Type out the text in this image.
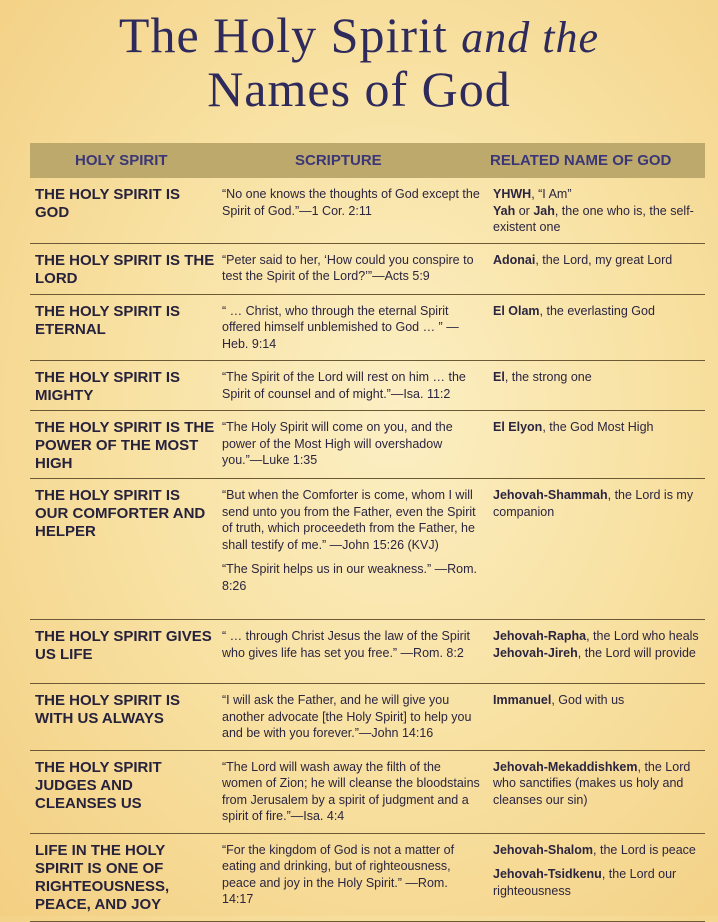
The Holy Spirit and the
Names of God
HOLY SPIRIT	SCRIPTURE	RELATED NAME OF GOD
THE HOLY SPIRIT IS GOD	“No one knows the thoughts of God except the Spirit of God.”—1 Cor. 2:11	YHWH, “I Am”

Yah or Jah, the one who is, the self-existent one

THE HOLY SPIRIT IS THE LORD	“Peter said to her, ‘How could you conspire to test the Spirit of the Lord?’”—Acts 5:9	Adonai, the Lord, my great Lord

THE HOLY SPIRIT IS ETERNAL	“ … Christ, who through the eternal Spirit offered himself unblemished to God … ” —Heb. 9:14	El Olam, the everlasting God

THE HOLY SPIRIT IS MIGHTY	“The Spirit of the Lord will rest on him … the Spirit of counsel and of might.”—Isa. 11:2	El, the strong one

THE HOLY SPIRIT IS THE POWER OF THE MOST HIGH	“The Holy Spirit will come on you, and the power of the Most High will overshadow you.”—Luke 1:35	El Elyon, the God Most High

THE HOLY SPIRIT IS OUR COMFORTER AND HELPER	“But when the Comforter is come, whom I will send unto you from the Father, even the Spirit of truth, which proceedeth from the Father, he shall testify of me.” —John 15:26 (KVJ)

“The Spirit helps us in our weakness.” —Rom. 8:26	Jehovah-Shammah, the Lord is my companion

THE HOLY SPIRIT GIVES US LIFE	“ … through Christ Jesus the law of the Spirit who gives life has set you free.” —Rom. 8:2	Jehovah-Rapha, the Lord who heals

Jehovah-Jireh, the Lord will provide

THE HOLY SPIRIT IS WITH US ALWAYS	“I will ask the Father, and he will give you another advocate [the Holy Spirit] to help you and be with you forever.”—John 14:16	Immanuel, God with us

THE HOLY SPIRIT JUDGES AND CLEANSES US	“The Lord will wash away the filth of the women of Zion; he will cleanse the bloodstains from Jerusalem by a spirit of judgment and a spirit of fire.”—Isa. 4:4	Jehovah-Mekaddishkem, the Lord who sanctifies (makes us holy and cleanses our sin)

LIFE IN THE HOLY SPIRIT IS ONE OF RIGHTEOUSNESS, PEACE, AND JOY	“For the kingdom of God is not a matter of eating and drinking, but of righteousness, peace and joy in the Holy Spirit.” —Rom. 14:17	Jehovah-Shalom, the Lord is peace

Jehovah-Tsidkenu, the Lord our righteousness
